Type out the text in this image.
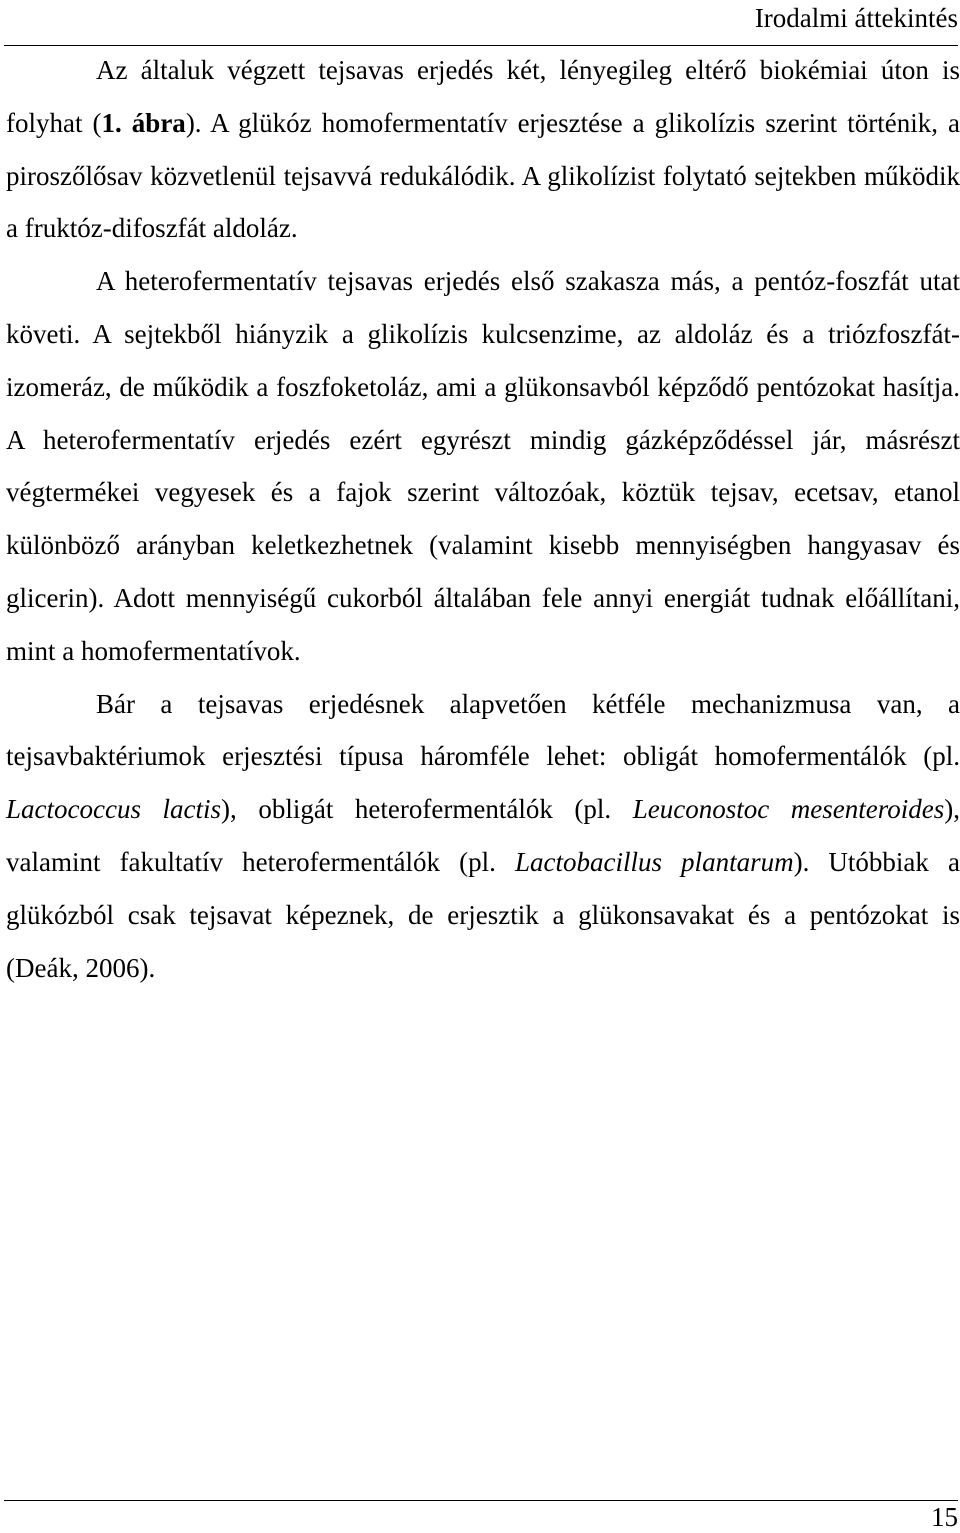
Irodalmi áttekintés

Az általuk végzett tejsavas erjedés két, lényegileg eltérő biokémiai úton is folyhat (1. ábra). A glükóz homofermentatív erjesztése a glikolízis szerint történik, a piroszőlősav közvetlenül tejsavvá redukálódik. A glikolízist folytató sejtekben működik a fruktóz-difoszfát aldoláz.

A heterofermentatív tejsavas erjedés első szakasza más, a pentóz-foszfát utat követi. A sejtekből hiányzik a glikolízis kulcsenzime, az aldoláz és a triózfoszfát-izomeráz, de működik a foszfoketoláz, ami a glükonsavból képződő pentózokat hasítja. A heterofermentatív erjedés ezért egyrészt mindig gázképződéssel jár, másrészt végtermékei vegyesek és a fajok szerint változóak, köztük tejsav, ecetsav, etanol különböző arányban keletkezhetnek (valamint kisebb mennyiségben hangyasav és glicerin). Adott mennyiségű cukorból általában fele annyi energiát tudnak előállítani, mint a homofermentatívok.

Bár a tejsavas erjedésnek alapvetően kétféle mechanizmusa van, a tejsavbaktériumok erjesztési típusa háromféle lehet: obligát homofermentálók (pl. Lactococcus lactis), obligát heterofermentálók (pl. Leuconostoc mesenteroides), valamint fakultatív heterofermentálók (pl. Lactobacillus plantarum). Utóbbiak a glükózból csak tejsavat képeznek, de erjesztik a glükonsavakat és a pentózokat is (Deák, 2006).

15
